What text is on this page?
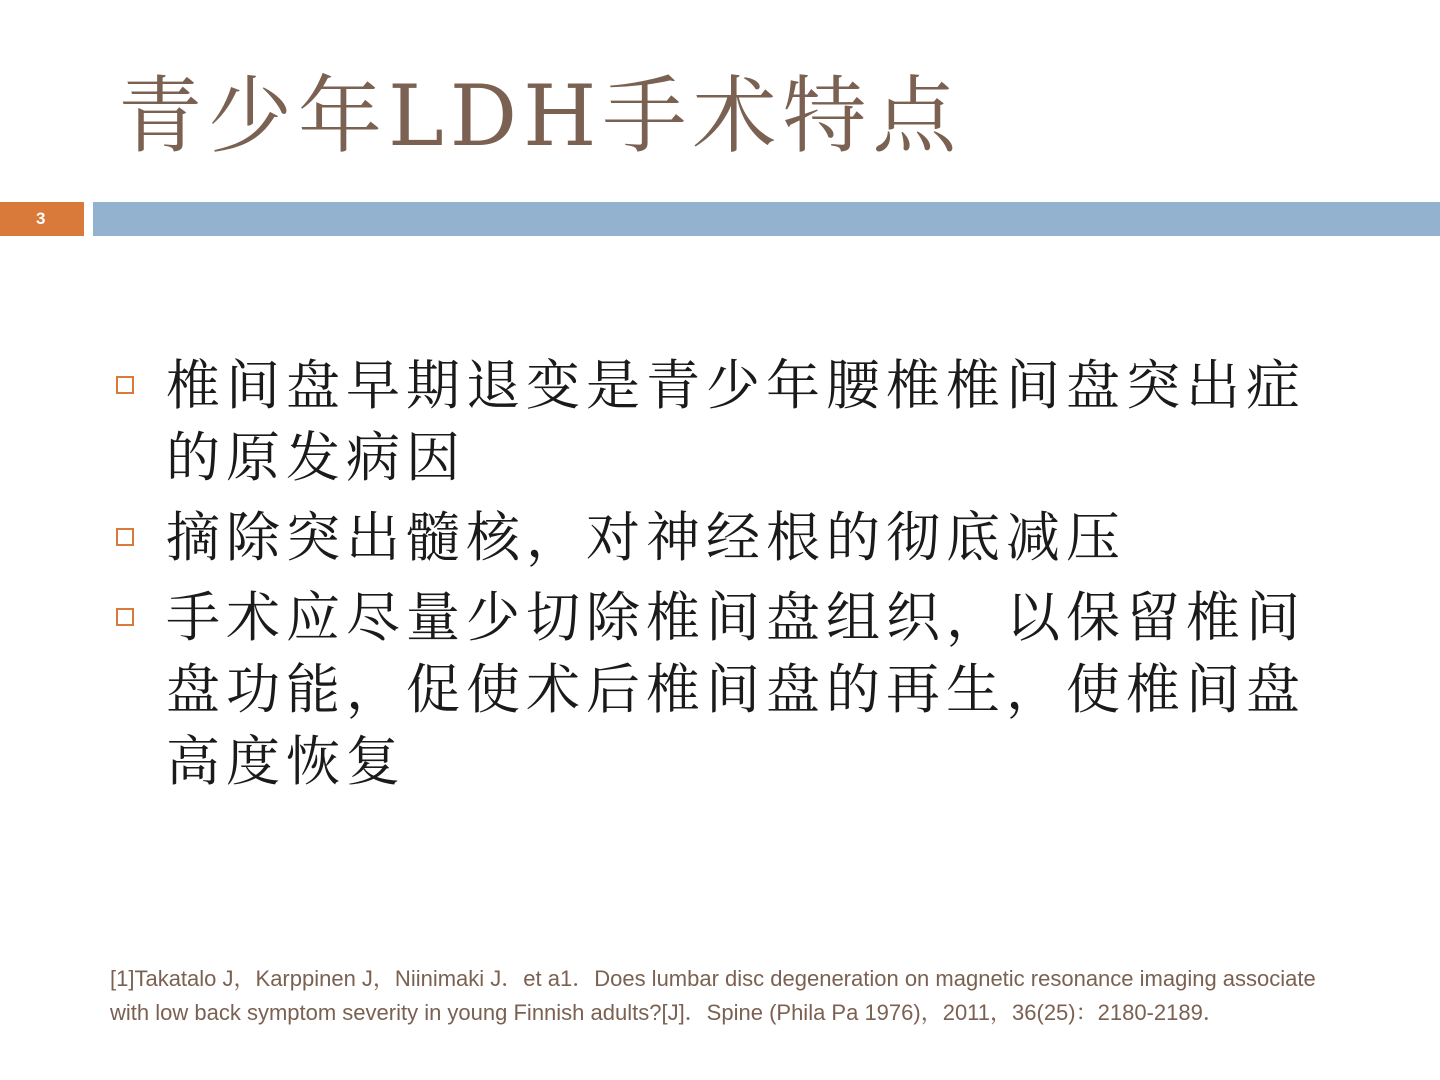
青少年LDH手术特点
3
椎间盘早期退变是青少年腰椎椎间盘突出症的原发病因
摘除突出髓核，对神经根的彻底减压
手术应尽量少切除椎间盘组织，以保留椎间盘功能，促使术后椎间盘的再生，使椎间盘高度恢复
[1]Takatalo J，Karppinen J，Niinimaki J．et a1．Does lumbar disc degeneration on magnetic resonance imaging associate with low back symptom severity in young Finnish adults?[J]．Spine (Phila Pa 1976)，2011，36(25)：2180-2189．
